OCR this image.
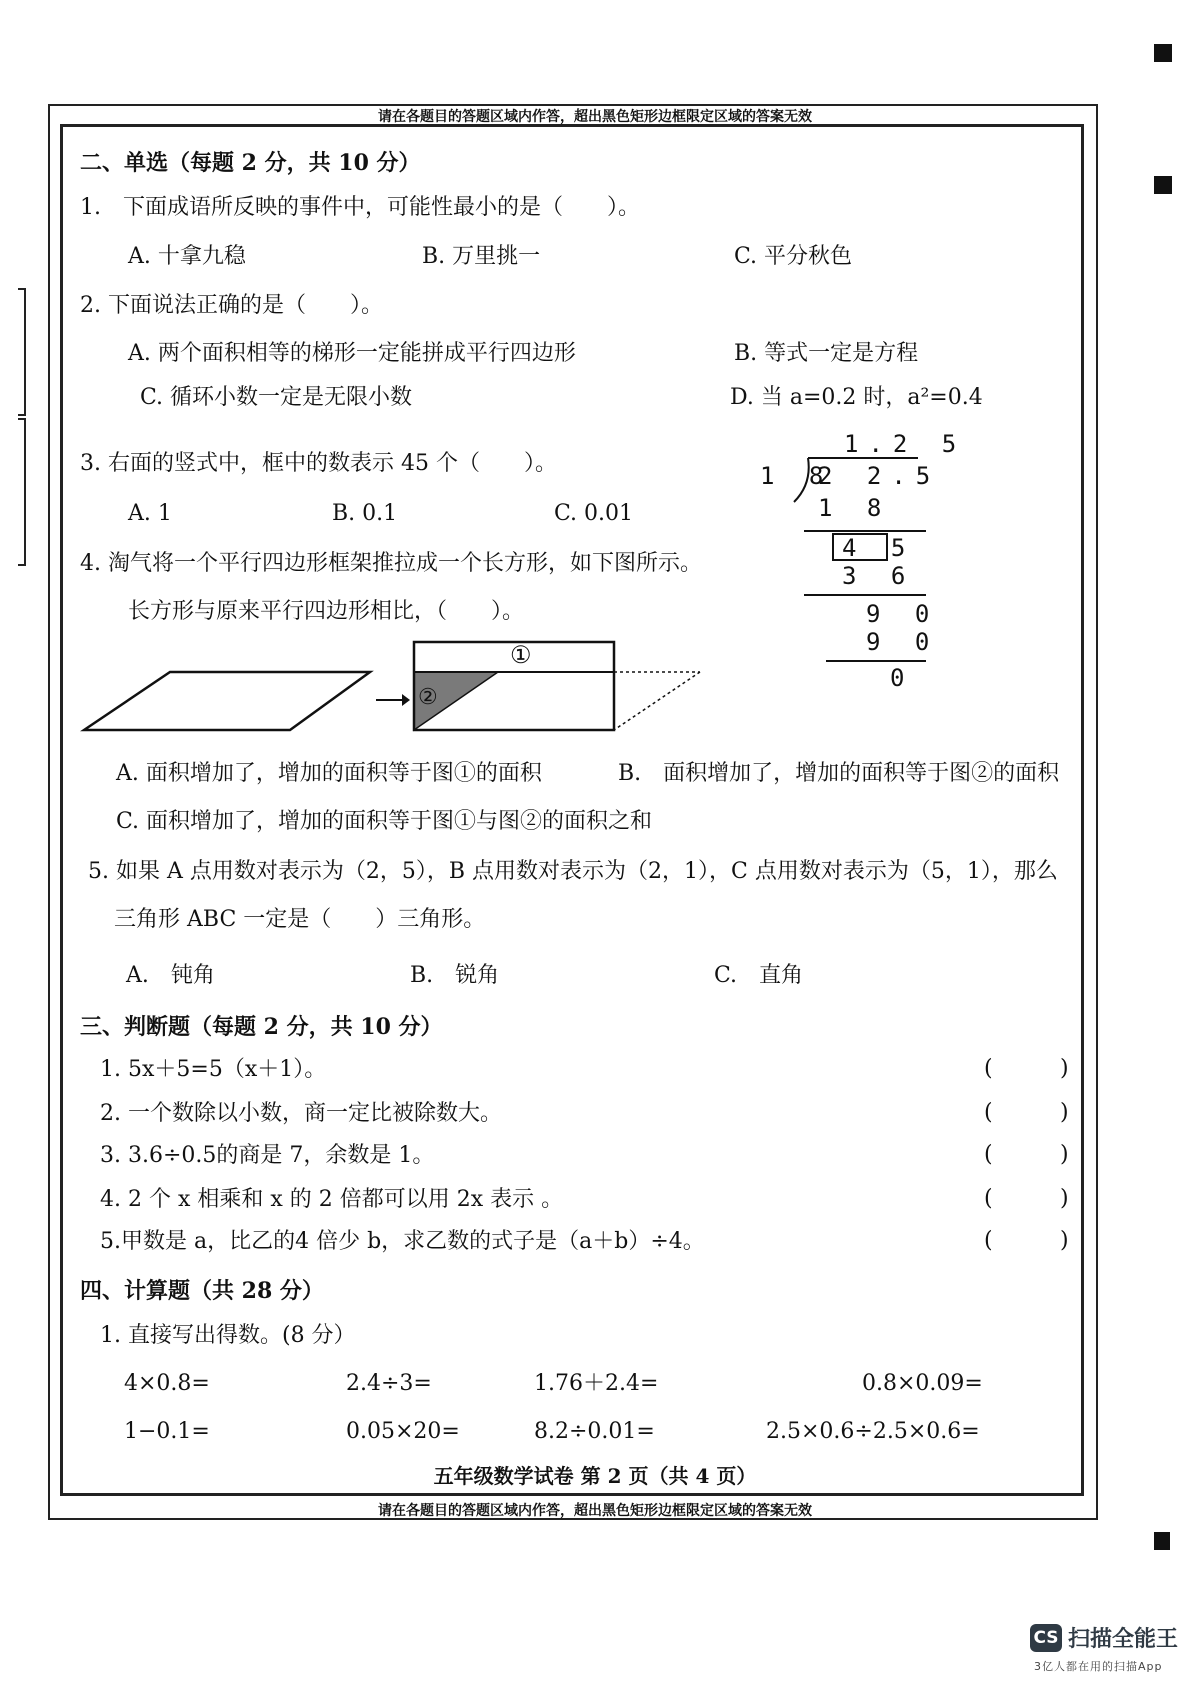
请在各题目的答题区域内作答，超出黑色矩形边框限定区域的答案无效
请在各题目的答题区域内作答，超出黑色矩形边框限定区域的答案无效
二、单选（每题 2 分，共 10 分）
1.　下面成语所反映的事件中，可能性最小的是（　　）。
A. 十拿九稳	B. 万里挑一	C. 平分秋色
2. 下面说法正确的是（　　）。
A. 两个面积相等的梯形一定能拼成平行四边形	B. 等式一定是方程
C. 循环小数一定是无限小数	D. 当 a=0.2 时，a²=0.4
3. 右面的竖式中，框中的数表示 45 个（　　）。
A. 1	B. 0.1	C. 0.01
1.2 5
1 8
2 2.5
1 8
4 5
3 6
9 0
9 0
0
4. 淘气将一个平行四边形框架推拉成一个长方形，如下图所示。
长方形与原来平行四边形相比，（　　）。
①
②
A. 面积增加了，增加的面积等于图①的面积	B.　面积增加了，增加的面积等于图②的面积
C. 面积增加了，增加的面积等于图①与图②的面积之和
5. 如果 A 点用数对表示为（2，5），B 点用数对表示为（2，1），C 点用数对表示为（5，1），那么
三角形 ABC 一定是（　　）三角形。
A.　钝角	B.　锐角	C.　直角
三、判断题（每题 2 分，共 10 分）
1. 5x＋5=5（x＋1）。
2. 一个数除以小数，商一定比被除数大。
3. 3.6÷0.5的商是 7，余数是 1。
4. 2 个 x 相乘和 x 的 2 倍都可以用 2x 表示 。
5.甲数是 a，比乙的4 倍少 b，求乙数的式子是（a＋b）÷4。
(	)
(	)
(	)
(	)
(	)
四、计算题（共 28 分）
1. 直接写出得数。(8 分）
4×0.8=	2.4÷3=	1.76＋2.4=	0.8×0.09=
1−0.1=	0.05×20=	8.2÷0.01=	2.5×0.6÷2.5×0.6=
五年级数学试卷 第 2 页（共 4 页）
CS 扫描全能王
3亿人都在用的扫描App
